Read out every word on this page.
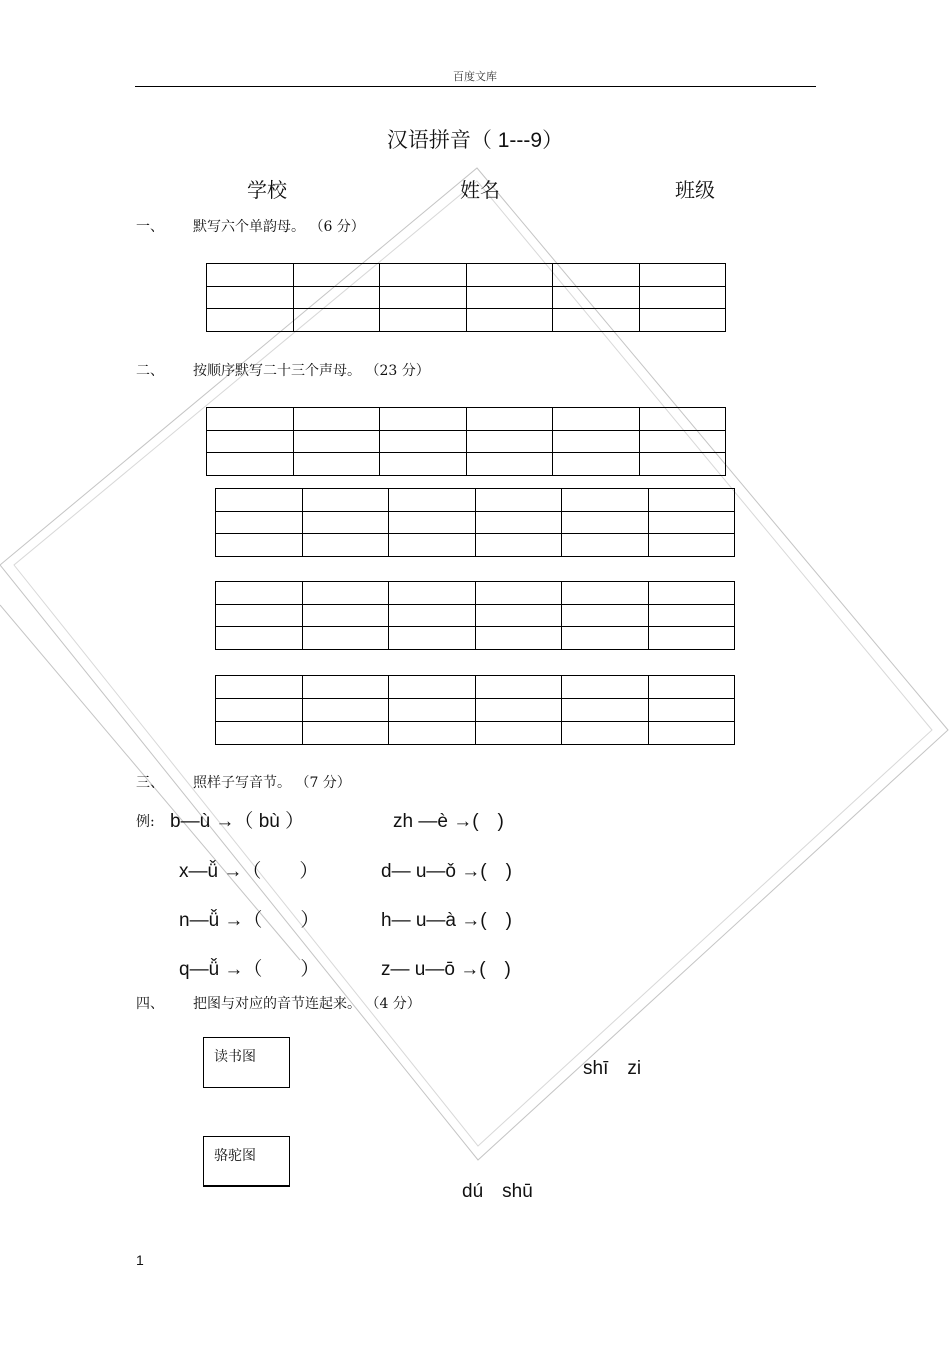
百度文库
汉语拼音（ 1---9）
学校	姓名	班级
一、 默写六个单韵母。 （6 分）

二、 按顺序默写二十三个声母。 （23 分）

三、 照样子写音节。 （7 分）
例: b—ù →（ bù ）	zh —è →(　)
x—ǚ →（　　）	d— u—ǒ →(　)
n—ǚ →（　　）	h— u—à →(　)
q—ǚ →（　　）	z— u—ō →(　)
四、 把图与对应的音节连起来。 （4 分）
读书图
骆驼图
shī　zi
dú　shū
1
